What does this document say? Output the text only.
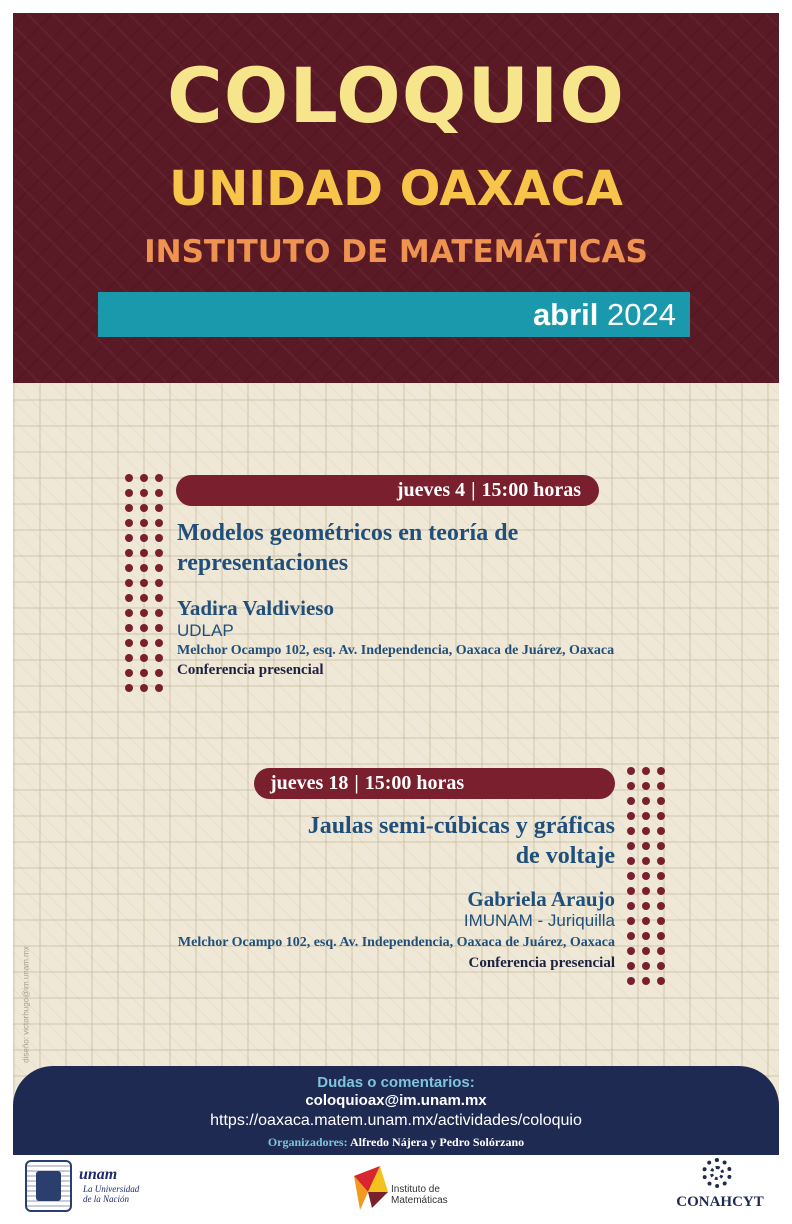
COLOQUIO
UNIDAD OAXACA
INSTITUTO DE MATEMÁTICAS
abril 2024
jueves 4 | 15:00 horas
Modelos geométricos en teoría de
representaciones
Yadira Valdivieso
UDLAP
Melchor Ocampo 102, esq. Av. Independencia, Oaxaca de Juárez, Oaxaca
Conferencia presencial
jueves 18 | 15:00 horas
Jaulas semi-cúbicas y gráficas
de voltaje
Gabriela Araujo
IMUNAM - Juriquilla
Melchor Ocampo 102, esq. Av. Independencia, Oaxaca de Juárez, Oaxaca
Conferencia presencial
diseño: victorhugo@im.unam.mx
Dudas o comentarios:
coloquioax@im.unam.mx
https://oaxaca.matem.unam.mx/actividades/coloquio
Organizadores: Alfredo Nájera y Pedro Solórzano
unam
La Universidad
de la Nación
Instituto de
Matemáticas	CONAHCYT
